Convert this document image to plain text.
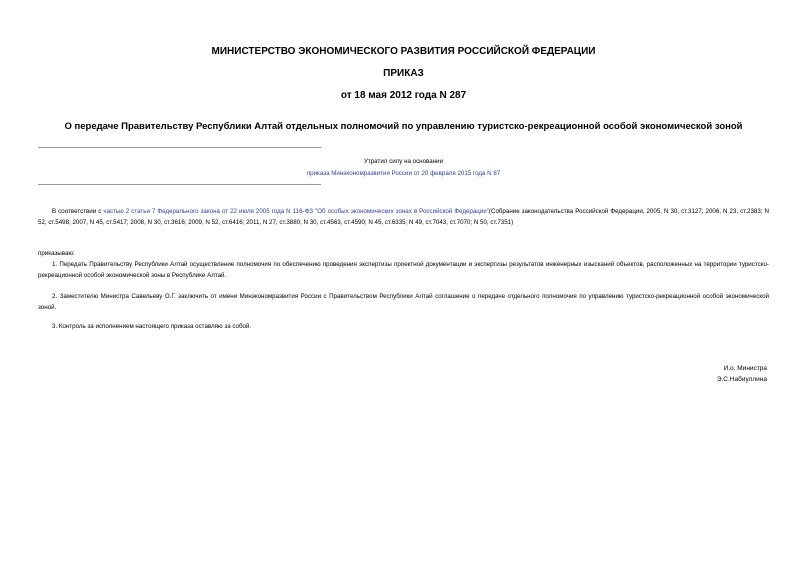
МИНИСТЕРСТВО ЭКОНОМИЧЕСКОГО РАЗВИТИЯ РОССИЙСКОЙ ФЕДЕРАЦИИ
ПРИКАЗ
от 18 мая 2012 года N 287
О передаче Правительству Республики Алтай отдельных полномочий по управлению туристско-рекреационной особой экономической зоной
Утратил силу на основании
приказа Минэкономразвития России от 20 февраля 2015 года N 87
В соответствии с частью 2 статьи 7 Федерального закона от 22 июля 2005 года N 116-ФЗ "Об особых экономических зонах в Российской Федерации"(Собрание законодательства Российской Федерации, 2005, N 30, ст.3127; 2006, N 23, ст.2383; N 52, ст.5498; 2007, N 45, ст.5417; 2008, N 30, ст.3616; 2009, N 52, ст.6416; 2011, N 27, ст.3880; N 30, ст.4563, ст.4590; N 45, ст.6335; N 49, ст.7043, ст.7070; N 50, ст.7351)
приказываю:
1. Передать Правительству Республики Алтай осуществление полномочия по обеспечению проведения экспертизы проектной документации и экспертизы результатов инженерных изысканий объектов, расположенных на территории туристско-рекреационной особой экономической зоны в Республике Алтай.
2. Заместителю Министра Савельеву О.Г. заключить от имени Минэкономразвития России с Правительством Республики Алтай соглашение о передаче отдельного полномочия по управлению туристско-рекреационной особой экономической зоной.
3. Контроль за исполнением настоящего приказа оставляю за собой.
И.о. Министра
Э.С.Набиуллина
